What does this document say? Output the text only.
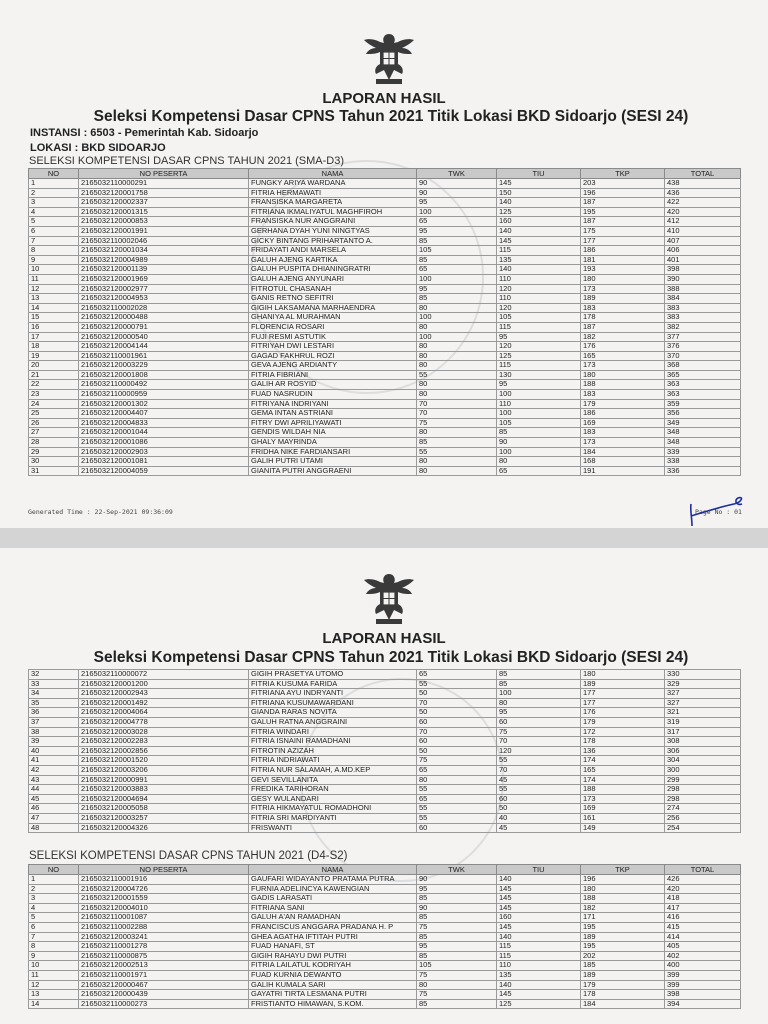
LAPORAN HASIL
Seleksi Kompetensi Dasar CPNS Tahun 2021 Titik Lokasi BKD Sidoarjo (SESI 24)
INSTANSI : 6503 - Pemerintah Kab. Sidoarjo
LOKASI : BKD SIDOARJO
SELEKSI KOMPETENSI DASAR CPNS TAHUN 2021 (SMA-D3)
NO	NO PESERTA	NAMA	TWK	TIU	TKP	TOTAL
1	2165032110000291	FUNGKY ARIYA WARDANA	90	145	203	438
2	2165032120001758	FITRIA HERMAWATI	90	150	196	436
3	2165032120002337	FRANSISKA MARGARETA	95	140	187	422
4	2165032120001315	FITRIANA IKMALIYATUL MAGHFIROH	100	125	195	420
5	2165032120000853	FRANSISKA NUR ANGGRAINI	65	160	187	412
6	2165032120001991	GERHANA DYAH YUNI NINGTYAS	95	140	175	410
7	2165032110002046	GICKY BINTANG PRIHARTANTO A.	85	145	177	407
8	2165032120001034	FRIDAYATI ANDI MARSELA	105	115	186	406
9	2165032120004989	GALUH AJENG KARTIKA	85	135	181	401
10	2165032120001139	GALUH PUSPITA DHIANINGRATRI	65	140	193	398
11	2165032120001969	GALUH AJENG ANYUNARI	100	110	180	390
12	2165032120002977	FITROTUL CHASANAH	95	120	173	388
13	2165032120004953	GANIS RETNO SEFITRI	85	110	189	384
14	2165032110002028	GIGIH LAKSAMANA MARHAENDRA	80	120	183	383
15	2165032120000488	GHANIYA AL MURAHMAN	100	105	178	383
16	2165032120000791	FLORENCIA ROSARI	80	115	187	382
17	2165032120000540	FUJI RESMI ASTUTIK	100	95	182	377
18	2165032120004144	FITRIYAH DWI LESTARI	80	120	176	376
19	2165032110001961	GAGAD FAKHRUL ROZI	80	125	165	370
20	2165032120003229	GEVA AJENG ARDIANTY	80	115	173	368
21	2165032120001808	FITRIA FIBRIANI	55	130	180	365
22	2165032110000492	GALIH AR ROSYID	80	95	188	363
23	2165032110000959	FUAD NASRUDIN	80	100	183	363
24	2165032120001302	FITRIYANA INDRIYANI	70	110	179	359
25	2165032120004407	GEMA INTAN ASTRIANI	70	100	186	356
26	2165032120004833	FITRY DWI APRILIYAWATI	75	105	169	349
27	2165032120001044	GENDIS WILDAH NIA	80	85	183	348
28	2165032120001086	GHALY MAYRINDA	85	90	173	348
29	2165032120002903	FRIDHA NIKE FARDIANSARI	55	100	184	339
30	2165032120001081	GALIH PUTRI UTAMI	80	80	168	338
31	2165032120004059	GIANITA PUTRI ANGGRAENI	80	65	191	336
Generated Time : 22-Sep-2021 09:36:09	Page No : 01
LAPORAN HASIL
Seleksi Kompetensi Dasar CPNS Tahun 2021 Titik Lokasi BKD Sidoarjo (SESI 24)
32	2165032110000072	GIGIH PRASETYA UTOMO	65	85	180	330
33	2165032120001200	FITRIA KUSUMA FARIDA	55	85	189	329
34	2165032120002943	FITRIANA AYU INDRYANTI	50	100	177	327
35	2165032120001492	FITRIANA KUSUMAWARDANI	70	80	177	327
36	2165032120004064	GIANDA RARAS NOVITA	50	95	176	321
37	2165032120004778	GALUH RATNA ANGGRAINI	60	60	179	319
38	2165032120003028	FITRIA WINDARI	70	75	172	317
39	2165032120002283	FITRIA ISNAINI RAMADHANI	60	70	178	308
40	2165032120002856	FITROTIN AZIZAH	50	120	136	306
41	2165032120001520	FITRIA INDRIAWATI	75	55	174	304
42	2165032120003206	FITRIA NUR SALAMAH, A.MD.KEP	65	70	165	300
43	2165032120000991	GEVI SEVILLANITA	80	45	174	299
44	2165032120003883	FREDIKA TARIHORAN	55	55	188	298
45	2165032120004694	GESY WULANDARI	65	60	173	298
46	2165032120005058	FITRIA HIKMAYATUL ROMADHONI	55	50	169	274
47	2165032120003257	FITRIA SRI MARDIYANTI	55	40	161	256
48	2165032120004326	FRISWANTI	60	45	149	254
SELEKSI KOMPETENSI DASAR CPNS TAHUN 2021 (D4-S2)
NO	NO PESERTA	NAMA	TWK	TIU	TKP	TOTAL
1	2165032110001916	GAUFARI WIDAYANTO PRATAMA PUTRA	90	140	196	426
2	2165032120004726	FURNIA ADELINCYA KAWENGIAN	95	145	180	420
3	2165032120001559	GADIS LARASATI	85	145	188	418
4	2165032120004010	FITRIANA SANI	90	145	182	417
5	2165032110001087	GALUH A'AN RAMADHAN	85	160	171	416
6	2165032110002288	FRANCISCUS ANGGARA PRADANA H. P	75	145	195	415
7	2165032120003241	GHEA AGATHA IFTITAH PUTRI	85	140	189	414
8	2165032110001278	FUAD HANAFI, ST	95	115	195	405
9	2165032110000875	GIGIH RAHAYU DWI PUTRI	85	115	202	402
10	2165032120002513	FITRIA LAILATUL KODRIYAH	105	110	185	400
11	2165032110001971	FUAD KURNIA DEWANTO	75	135	189	399
12	2165032120000467	GALIH KUMALA SARI	80	140	179	399
13	2165032120000439	GAYATRI TIRTA LESMANA PUTRI	75	145	178	398
14	2165032110000273	FRISTIANTO HIMAWAN, S.KOM.	85	125	184	394
